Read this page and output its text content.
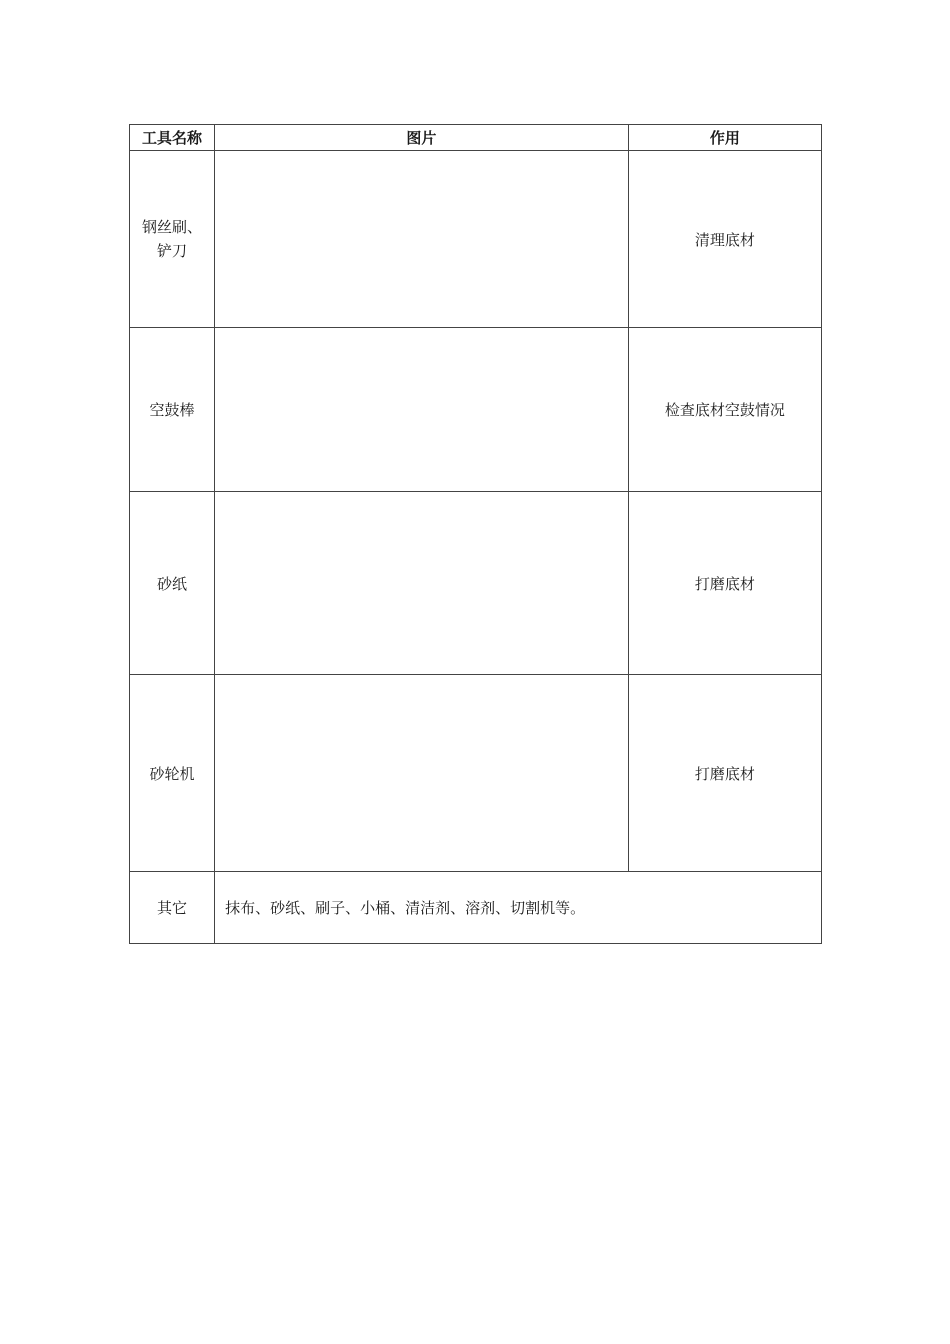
工具名称	图片	作用

钢丝刷、
铲刀		清理底材
空鼓棒		检查底材空鼓情况
砂纸		打磨底材
砂轮机		打磨底材
其它	抹布、砂纸、刷子、小桶、清洁剂、溶剂、切割机等。	
